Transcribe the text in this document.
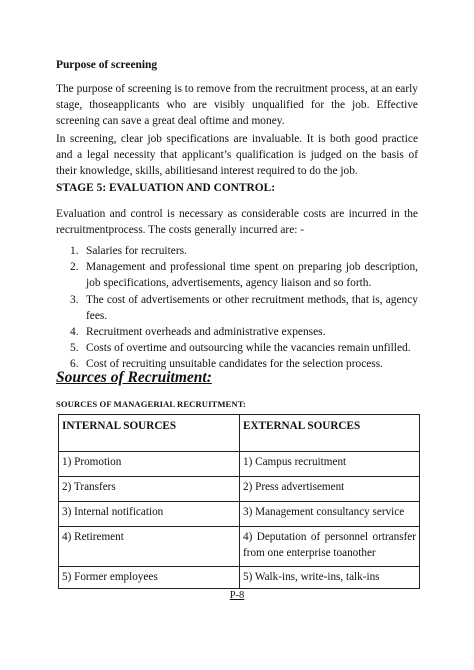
Purpose of screening

The purpose of screening is to remove from the recruitment process, at an early stage, thoseapplicants who are visibly unqualified for the job. Effective screening can save a great deal oftime and money.

In screening, clear job specifications are invaluable. It is both good practice and a legal necessity that applicant’s qualification is judged on the basis of their knowledge, skills, abilitiesand interest required to do the job.

STAGE 5: EVALUATION AND CONTROL:

Evaluation and control is necessary as considerable costs are incurred in the recruitmentprocess. The costs generally incurred are: -

1. Salaries for recruiters.
2. Management and professional time spent on preparing job description, job specifications, advertisements, agency liaison and so forth.
3. The cost of advertisements or other recruitment methods, that is, agency fees.
4. Recruitment overheads and administrative expenses.
5. Costs of overtime and outsourcing while the vacancies remain unfilled.
6. Cost of recruiting unsuitable candidates for the selection process.
Sources of Recruitment:
SOURCES OF MANAGERIAL RECRUITMENT:
INTERNAL SOURCES	EXTERNAL SOURCES
1) Promotion	1) Campus recruitment
2) Transfers	2) Press advertisement
3) Internal notification	3) Management consultancy service
4) Retirement	4) Deputation of personnel ortransfer from one enterprise toanother
5) Former employees	5) Walk-ins, write-ins, talk-ins
P-8
